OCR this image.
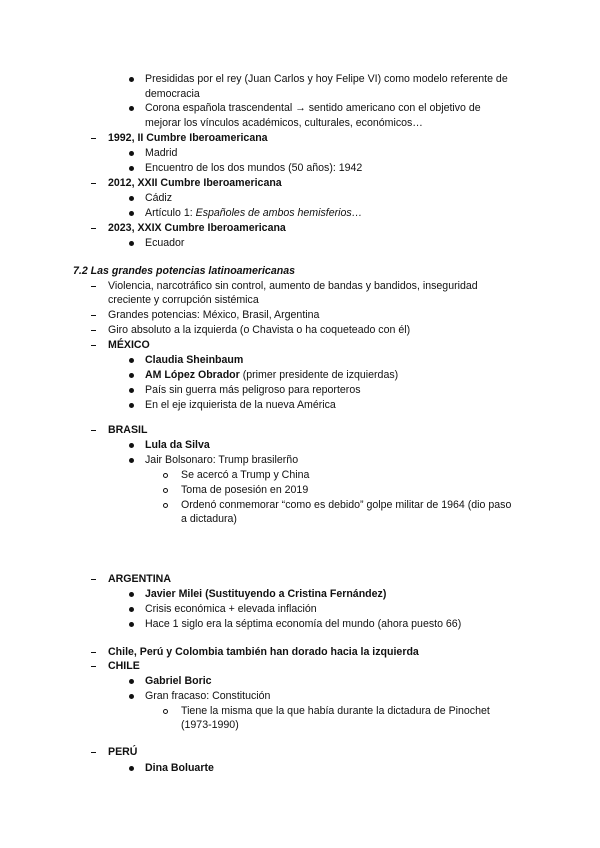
Presididas por el rey (Juan Carlos y hoy Felipe VI) como modelo referente de
democracia
Corona española trascendental → sentido americano con el objetivo de
mejorar los vínculos académicos, culturales, económicos…
1992, II Cumbre Iberoamericana
Madrid
Encuentro de los dos mundos (50 años): 1942
2012, XXII Cumbre Iberoamericana
Cádiz
Artículo 1: Españoles de ambos hemisferios…
2023, XXIX Cumbre Iberoamericana
Ecuador
7.2 Las grandes potencias latinoamericanas
Violencia, narcotráfico sin control, aumento de bandas y bandidos, inseguridad
creciente y corrupción sistémica
Grandes potencias: México, Brasil, Argentina
Giro absoluto a la izquierda (o Chavista o ha coqueteado con él)
MÉXICO
Claudia Sheinbaum
AM López Obrador (primer presidente de izquierdas)
País sin guerra más peligroso para reporteros
En el eje izquierista de la nueva América
BRASIL
Lula da Silva
Jair Bolsonaro: Trump brasilerño
Se acercó a Trump y China
Toma de posesión en 2019
Ordenó conmemorar “como es debido” golpe militar de 1964 (dio paso
a dictadura)
ARGENTINA
Javier Milei (Sustituyendo a Cristina Fernández)
Crisis económica + elevada inflación
Hace 1 siglo era la séptima economía del mundo (ahora puesto 66)
Chile, Perú y Colombia también han dorado hacia la izquierda
CHILE
Gabriel Boric
Gran fracaso: Constitución
Tiene la misma que la que había durante la dictadura de Pinochet
(1973-1990)
PERÚ
Dina Boluarte
